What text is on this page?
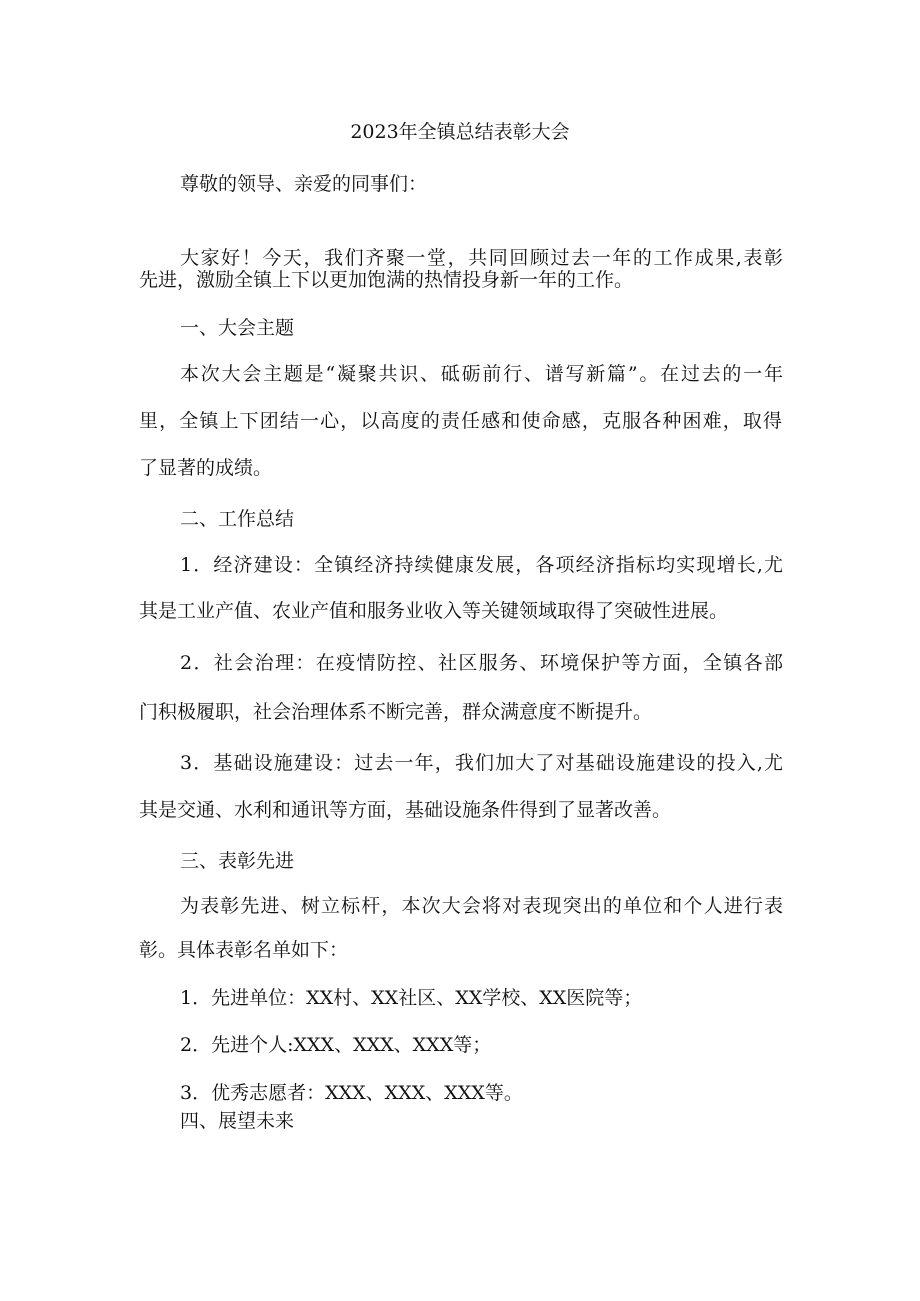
2023年全镇总结表彰大会
尊敬的领导、亲爱的同事们：
大家好！今天，我们齐聚一堂，共同回顾过去一年的工作成果,表彰
先进，激励全镇上下以更加饱满的热情投身新一年的工作。
一、大会主题
本次大会主题是“凝聚共识、砥砺前行、谱写新篇”。在过去的一年
里，全镇上下团结一心，以高度的责任感和使命感，克服各种困难，取得
了显著的成绩。
二、工作总结
1．经济建设：全镇经济持续健康发展，各项经济指标均实现增长,尤
其是工业产值、农业产值和服务业收入等关键领域取得了突破性进展。
2．社会治理：在疫情防控、社区服务、环境保护等方面，全镇各部
门积极履职，社会治理体系不断完善，群众满意度不断提升。
3．基础设施建设：过去一年，我们加大了对基础设施建设的投入,尤
其是交通、水利和通讯等方面，基础设施条件得到了显著改善。
三、表彰先进
为表彰先进、树立标杆，本次大会将对表现突出的单位和个人进行表
彰。具体表彰名单如下：
1．先进单位：XX村、XX社区、XX学校、XX医院等；
2．先进个人:XXX、XXX、XXX等；
3．优秀志愿者：XXX、XXX、XXX等。
四、展望未来
